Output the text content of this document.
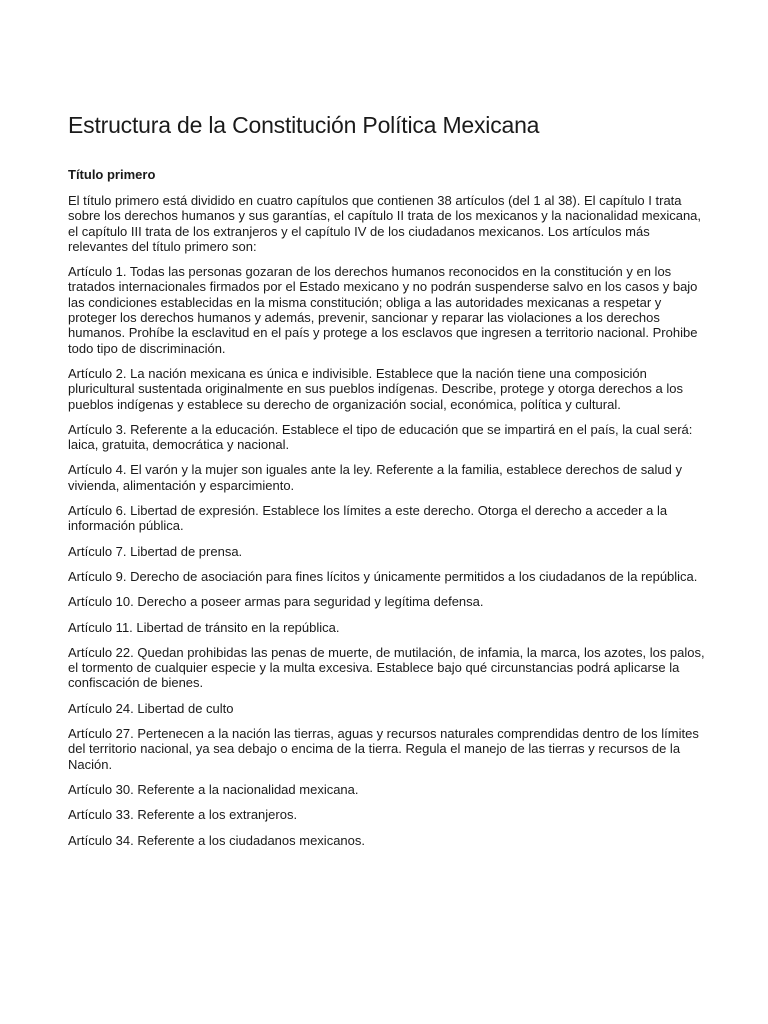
Estructura de la Constitución Política Mexicana
Título primero

El título primero está dividido en cuatro capítulos que contienen 38 artículos (del 1 al 38). El capítulo I trata sobre los derechos humanos y sus garantías, el capítulo II trata de los mexicanos y la nacionalidad mexicana, el capítulo III trata de los extranjeros y el capítulo IV de los ciudadanos mexicanos. Los artículos más relevantes del título primero son:

Artículo 1. Todas las personas gozaran de los derechos humanos reconocidos en la constitución y en los tratados internacionales firmados por el Estado mexicano y no podrán suspenderse salvo en los casos y bajo las condiciones establecidas en la misma constitución; obliga a las autoridades mexicanas a respetar y proteger los derechos humanos y además, prevenir, sancionar y reparar las violaciones a los derechos humanos. Prohíbe la esclavitud en el país y protege a los esclavos que ingresen a territorio nacional. Prohibe todo tipo de discriminación.

Artículo 2. La nación mexicana es única e indivisible. Establece que la nación tiene una composición pluricultural sustentada originalmente en sus pueblos indígenas. Describe, protege y otorga derechos a los pueblos indígenas y establece su derecho de organización social, económica, política y cultural.

Artículo 3. Referente a la educación. Establece el tipo de educación que se impartirá en el país, la cual será: laica, gratuita, democrática y nacional.

Artículo 4. El varón y la mujer son iguales ante la ley. Referente a la familia, establece derechos de salud y vivienda, alimentación y esparcimiento.

Artículo 6. Libertad de expresión. Establece los límites a este derecho. Otorga el derecho a acceder a la información pública.

Artículo 7. Libertad de prensa.

Artículo 9. Derecho de asociación para fines lícitos y únicamente permitidos a los ciudadanos de la república.

Artículo 10. Derecho a poseer armas para seguridad y legítima defensa.

Artículo 11. Libertad de tránsito en la república.

Artículo 22. Quedan prohibidas las penas de muerte, de mutilación, de infamia, la marca, los azotes, los palos, el tormento de cualquier especie y la multa excesiva. Establece bajo qué circunstancias podrá aplicarse la confiscación de bienes.

Artículo 24. Libertad de culto

Artículo 27. Pertenecen a la nación las tierras, aguas y recursos naturales comprendidas dentro de los límites del territorio nacional, ya sea debajo o encima de la tierra. Regula el manejo de las tierras y recursos de la Nación.

Artículo 30. Referente a la nacionalidad mexicana.

Artículo 33. Referente a los extranjeros.

Artículo 34. Referente a los ciudadanos mexicanos.
